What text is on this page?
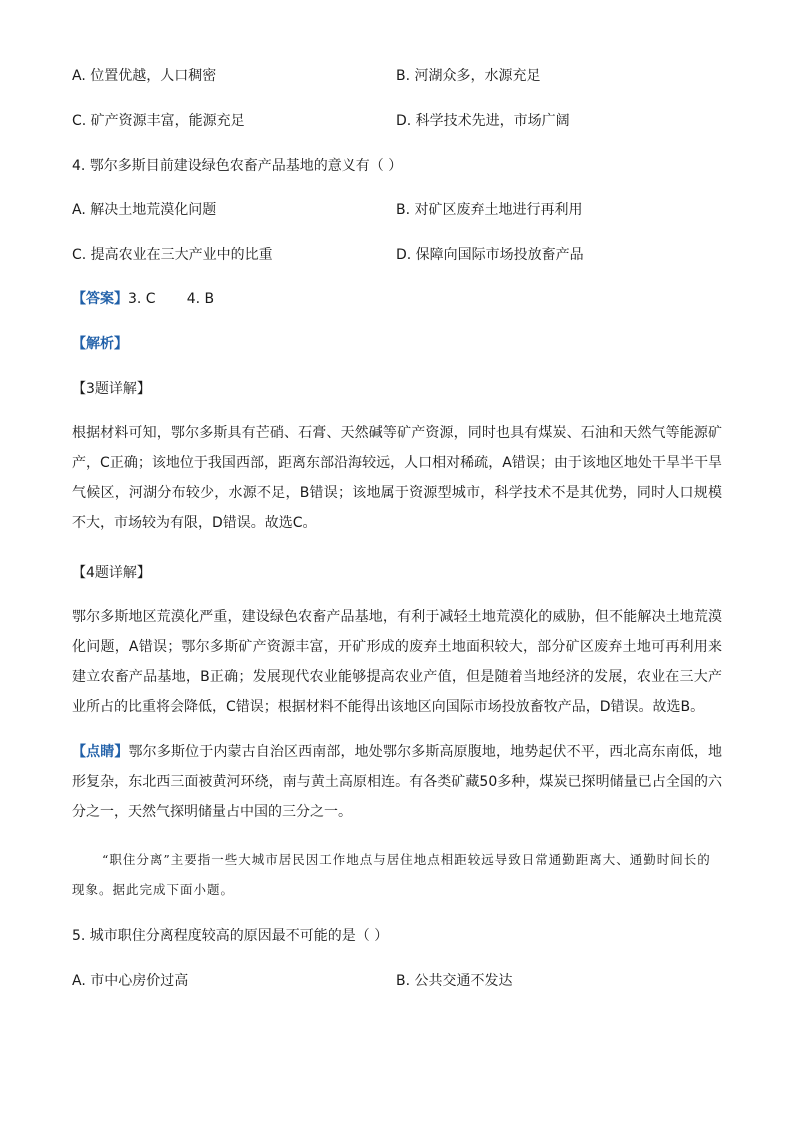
A. 位置优越，人口稠密	B. 河湖众多，水源充足
C. 矿产资源丰富，能源充足	D. 科学技术先进，市场广阔
4. 鄂尔多斯目前建设绿色农畜产品基地的意义有（ ）
A. 解决土地荒漠化问题	B. 对矿区废弃土地进行再利用
C. 提高农业在三大产业中的比重	D. 保障向国际市场投放畜产品
【答案】3. C       4. B
【解析】
【3题详解】

根据材料可知，鄂尔多斯具有芒硝、石膏、天然碱等矿产资源，同时也具有煤炭、石油和天然气等能源矿产，C正确；该地位于我国西部，距离东部沿海较远，人口相对稀疏，A错误；由于该地区地处干旱半干旱气候区，河湖分布较少，水源不足，B错误；该地属于资源型城市，科学技术不是其优势，同时人口规模不大，市场较为有限，D错误。故选C。

【4题详解】

鄂尔多斯地区荒漠化严重，建设绿色农畜产品基地，有利于减轻土地荒漠化的威胁，但不能解决土地荒漠化问题，A错误；鄂尔多斯矿产资源丰富，开矿形成的废弃土地面积较大，部分矿区废弃土地可再利用来建立农畜产品基地，B正确；发展现代农业能够提高农业产值，但是随着当地经济的发展，农业在三大产业所占的比重将会降低，C错误；根据材料不能得出该地区向国际市场投放畜牧产品，D错误。故选B。

【点睛】鄂尔多斯位于内蒙古自治区西南部，地处鄂尔多斯高原腹地，地势起伏不平，西北高东南低，地形复杂，东北西三面被黄河环绕，南与黄土高原相连。有各类矿藏50多种，煤炭已探明储量已占全国的六分之一，天然气探明储量占中国的三分之一。

“职住分离”主要指一些大城市居民因工作地点与居住地点相距较远导致日常通勤距离大、通勤时间长的现象。据此完成下面小题。
5. 城市职住分离程度较高的原因最不可能的是（ ）
A. 市中心房价过高	B. 公共交通不发达
